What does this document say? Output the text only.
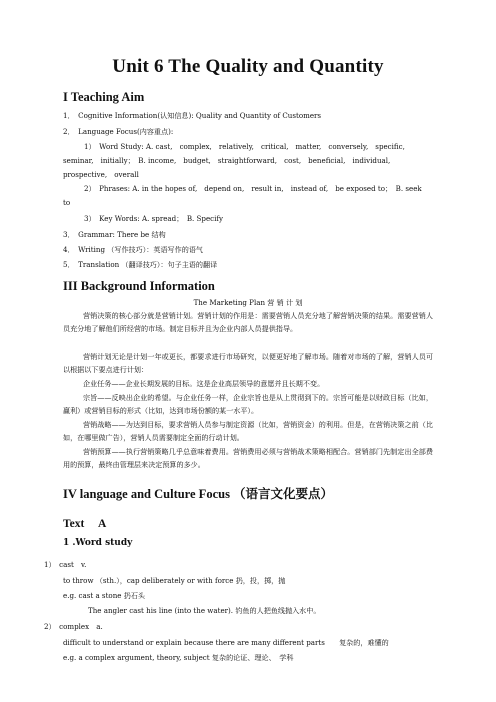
Unit 6 The Quality and Quantity
I Teaching Aim
1．　Cognitive Information(认知信息): Quality and Quantity of Customers
2．　Language Focus(内容重点):
1）　Word Study: A. cast,　complex,　relatively,　critical,　matter,　conversely,　specific,
seminar,　initially；　B. income,　budget,　straightforward,　cost,　beneficial,　individual,
prospective,　overall
2）　Phrases: A. in the hopes of,　depend on,　result in,　instead of,　be exposed to；　B. seek
to
3）　Key Words: A. spread；　B. Specify
3．　Grammar: There be 结构
4．　Writing （写作技巧）：英语写作的语气
5．　Translation （翻译技巧）：句子主语的翻译
III Background Information
The Marketing Plan 营 销 计 划
营销决策的核心部分就是营销计划。营销计划的作用是：需要营销人员充分地了解营销决策的结果。需要营销人员充分地了解他们所经营的市场。制定目标并且为企业内部人员提供指导。
营销计划无论是计划一年或更长，都要求进行市场研究，以便更好地了解市场。随着对市场的了解，营销人员可以根据以下要点进行计划：
企业任务——企业长期发展的目标。这是企业高层领导的意愿并且长期不变。
宗旨——反映出企业的希望。与企业任务一样，企业宗旨也是从上贯彻到下的。宗旨可能是以财政目标（比如，赢利）或营销目标的形式（比如，达到市场份额的某一水平）。
营销战略——为达到目标，要求营销人员参与制定资源（比如，营销资金）的利用。但是，在营销决策之前（比如，在哪里做广告），营销人员需要制定全面的行动计划。
营销预算——执行营销策略几乎总意味着费用。营销费用必须与营销战术策略相配合。营销部门先制定出全部费用的预算，最终由管理层来决定预算的多少。
IV language and Culture Focus （语言文化要点）
Text　 A
1 .Word study
1）　cast　v.
to throw （sth.），cap deliberately or with force 扔，投，掷，抛
e.g. cast a stone 扔石头
The angler cast his line (into the water). 钓鱼的人把鱼线抛入水中。
2）　complex　a.
difficult to understand or explain because there are many different parts　　复杂的，难懂的
e.g. a complex argument, theory, subject 复杂的论证、理论、　学科
